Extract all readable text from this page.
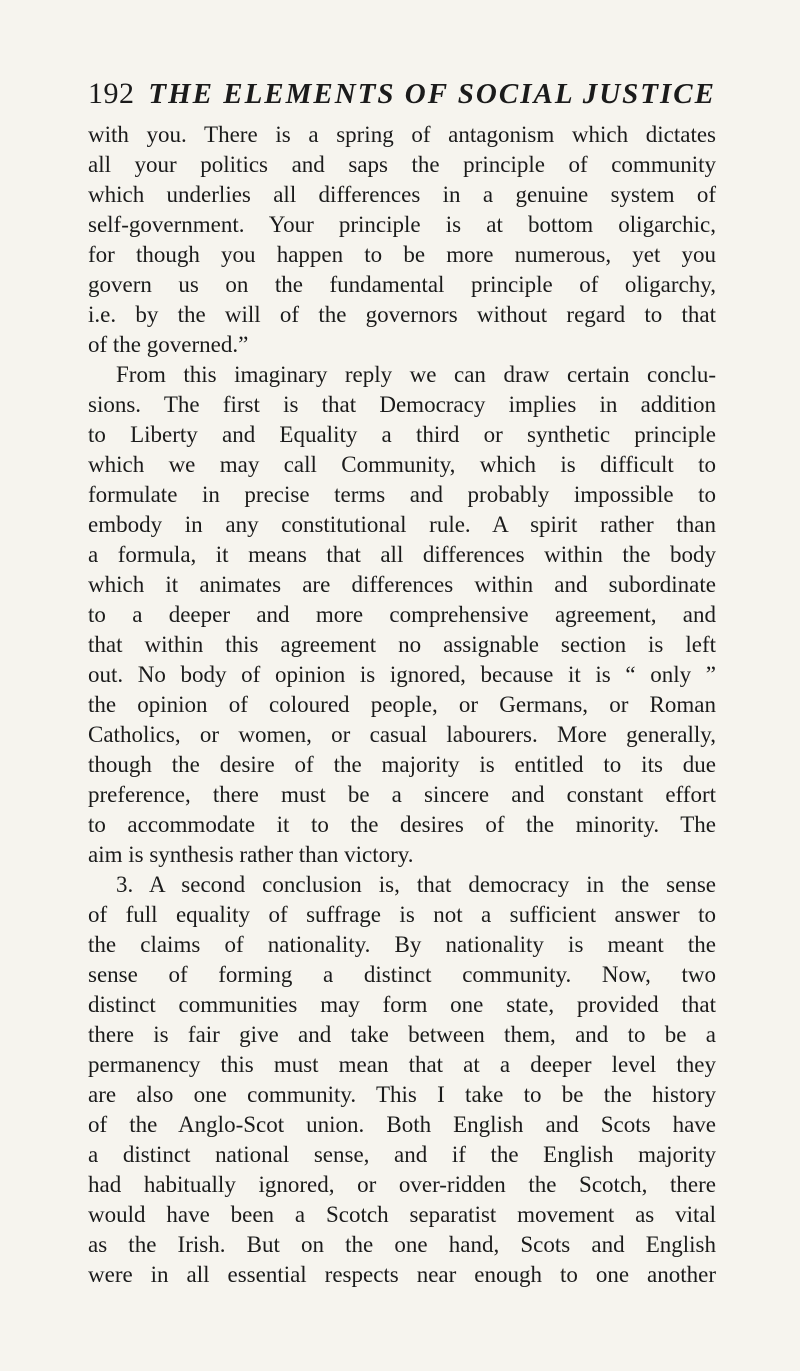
192 THE ELEMENTS OF SOCIAL JUSTICE
with you. There is a spring of antagonism which dictates
all your politics and saps the principle of community
which underlies all differences in a genuine system of
self-government. Your principle is at bottom oligarchic,
for though you happen to be more numerous, yet you
govern us on the fundamental principle of oligarchy,
i.e. by the will of the governors without regard to that
of the governed.”
From this imaginary reply we can draw certain conclu-
sions. The first is that Democracy implies in addition
to Liberty and Equality a third or synthetic principle
which we may call Community, which is difficult to
formulate in precise terms and probably impossible to
embody in any constitutional rule. A spirit rather than
a formula, it means that all differences within the body
which it animates are differences within and subordinate
to a deeper and more comprehensive agreement, and
that within this agreement no assignable section is left
out. No body of opinion is ignored, because it is “ only ”
the opinion of coloured people, or Germans, or Roman
Catholics, or women, or casual labourers. More generally,
though the desire of the majority is entitled to its due
preference, there must be a sincere and constant effort
to accommodate it to the desires of the minority. The
aim is synthesis rather than victory.
3. A second conclusion is, that democracy in the sense
of full equality of suffrage is not a sufficient answer to
the claims of nationality. By nationality is meant the
sense of forming a distinct community. Now, two
distinct communities may form one state, provided that
there is fair give and take between them, and to be a
permanency this must mean that at a deeper level they
are also one community. This I take to be the history
of the Anglo-Scot union. Both English and Scots have
a distinct national sense, and if the English majority
had habitually ignored, or over-ridden the Scotch, there
would have been a Scotch separatist movement as vital
as the Irish. But on the one hand, Scots and English
were in all essential respects near enough to one another
